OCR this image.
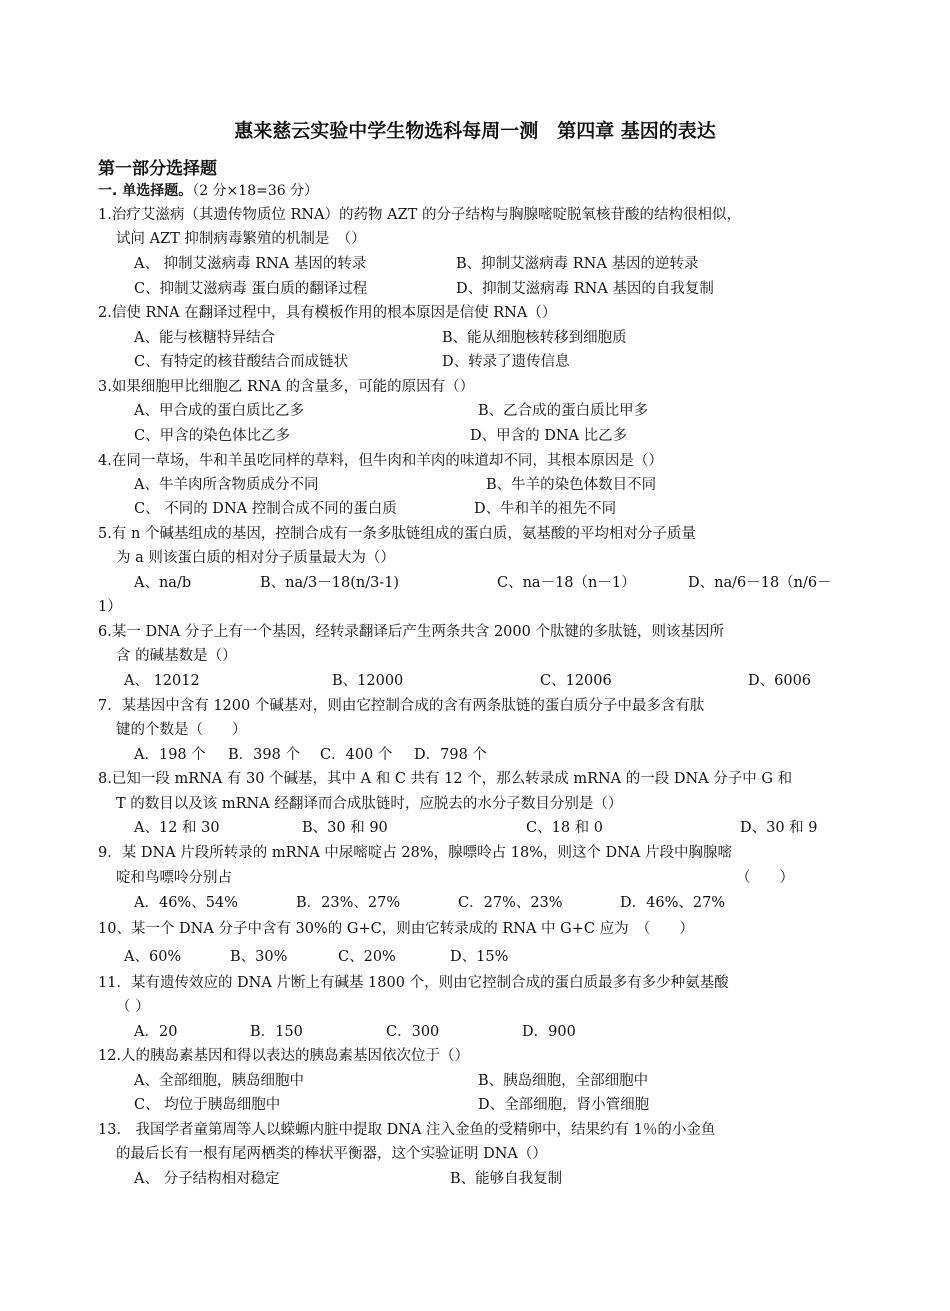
惠来慈云实验中学生物选科每周一测　第四章 基因的表达
第一部分选择题
一. 单选择题。（2 分×18=36 分）
1.治疗艾滋病（其遗传物质位 RNA）的药物 AZT 的分子结构与胸腺嘧啶脱氧核苷酸的结构很相似，
试问 AZT 抑制病毒繁殖的机制是　（）
A、 抑制艾滋病毒 RNA 基因的转录	B、抑制艾滋病毒 RNA 基因的逆转录
C、抑制艾滋病毒 蛋白质的翻译过程	D、抑制艾滋病毒 RNA 基因的自我复制
2.信使 RNA 在翻译过程中，具有模板作用的根本原因是信使 RNA（）
A、能与核糖特异结合	B、能从细胞核转移到细胞质
C、有特定的核苷酸结合而成链状	D、转录了遗传信息
3.如果细胞甲比细胞乙 RNA 的含量多，可能的原因有（）
A、甲合成的蛋白质比乙多	B、乙合成的蛋白质比甲多
C、甲含的染色体比乙多	D、甲含的 DNA 比乙多
4.在同一草场，牛和羊虽吃同样的草料，但牛肉和羊肉的味道却不同，其根本原因是（）
A、牛羊肉所含物质成分不同	B、牛羊的染色体数目不同
C、 不同的 DNA 控制合成不同的蛋白质	D、牛和羊的祖先不同
5.有 n 个碱基组成的基因，控制合成有一条多肽链组成的蛋白质，氨基酸的平均相对分子质量
为 a 则该蛋白质的相对分子质量最大为（）
A、na/b	B、na/3－18(n/3-1)	C、na－18（n－1）	D、na/6－18（n/6－
1）
6.某一 DNA 分子上有一个基因，经转录翻译后产生两条共含 2000 个肽键的多肽链，则该基因所
含 的碱基数是（）
A、 12012	B、12000	C、12006	D、6006
7．某基因中含有 1200 个碱基对，则由它控制合成的含有两条肽链的蛋白质分子中最多含有肽
键的个数是（　　）
A．198 个 B．398 个 C．400 个 D．798 个
8.已知一段 mRNA 有 30 个碱基，其中 A 和 C 共有 12 个，那么转录成 mRNA 的一段 DNA 分子中 G 和
T 的数目以及该 mRNA 经翻译而合成肽链时，应脱去的水分子数目分别是（）
A、12 和 30	B、30 和 90	C、18 和 0	D、30 和 9
9．某 DNA 片段所转录的 mRNA 中尿嘧啶占 28%，腺嘌呤占 18%，则这个 DNA 片段中胸腺嘧
啶和鸟嘌呤分别占	（　　）
A．46%、54%	B．23%、27%	C．27%、23%	D．46%、27%
10、某一个 DNA 分子中含有 30%的 G+C，则由它转录成的 RNA 中 G+C 应为　（　　）
A、60%	B、30%	C、20%	D、15%
11．某有遗传效应的 DNA 片断上有碱基 1800 个，则由它控制合成的蛋白质最多有多少种氨基酸
（ ）
A．20	B．150	C．300	D．900
12.人的胰岛素基因和得以表达的胰岛素基因依次位于（）
A、全部细胞，胰岛细胞中	B、胰岛细胞，全部细胞中
C、 均位于胰岛细胞中	D、全部细胞，肾小管细胞
13.　我国学者童第周等人以蝾螈内脏中提取 DNA 注入金鱼的受精卵中，结果约有 1％的小金鱼
的最后长有一根有尾两栖类的棒状平衡器，这个实验证明 DNA（）
A、 分子结构相对稳定	B、能够自我复制
